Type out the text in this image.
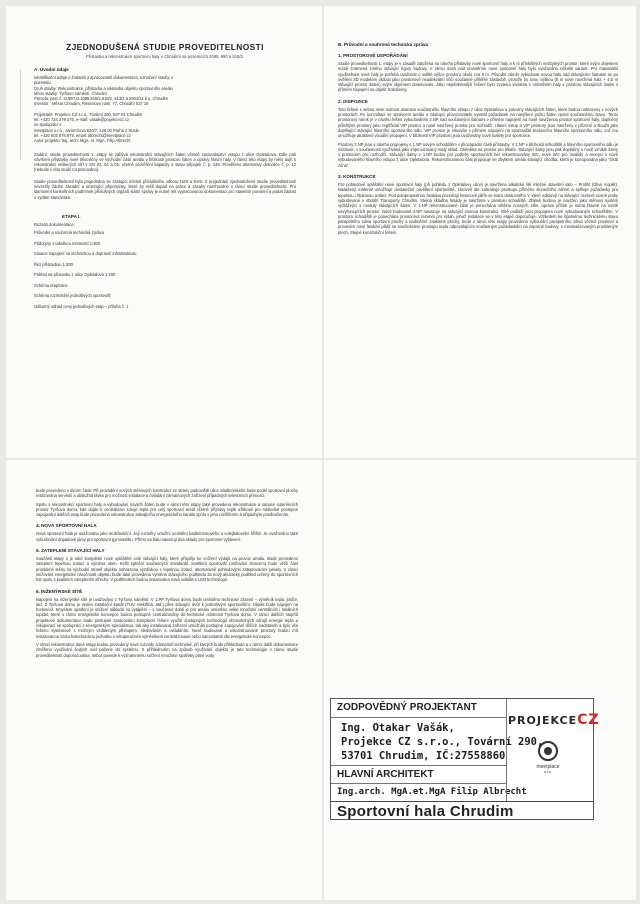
ZJEDNODUŠENÁ STUDIE PROVEDITELNOSTI
Přístavba a rekonstrukce sportovní haly v Chrudimi na pozemcích 1095, 990 a 515/2.
A. Úvodní údaje
Identifikační údaje o žadateli a zpracovateli dokumentace, označení stavby a
pozemku.
Druh stavby: Rekonstrukce, přístavba a nástavba objektu sportovního areálu
Místo stavby: Tyršovo náměstí, Chrudim
Parcela: parc.č. st.990,st.1095,515/2,518/2, 513/2 a 2004/11 k.u. Chrudim
Investor : Město Chrudim, Resselovo nam. 77, Chrudim 537 16
Projektant: Projekce CZ s.r.o., Tovární 290, 537 01 Chrudim
tel. +420 724 279 276, e-mail: vasak@projekcecz.cz
ve spolupráci s
meetplace s.r.o., Jaromírova 530/7, 128 00 Praha 2 Nusle
tel. +420 602 876 979, email: albrecht@meetplace.cz
Autor projektu: Ing. arch. MgA. et. MgA. Filip Albrecht

Zadání: studie proveditelnosti 1. etapy se zabývá rekonstrukcí stávajících šaten včetně zpravodajství vstupu z ulice Opletalova. Dále pak návrhem přístavby nové tělocvičny ve východní části areálu v blízkosti prostoru šaten a opravy hlavní haly. V rámci této etapy by mělo dojít k rekonstrukci veškerých síťí v SO 03, 04 a 05. včetně prověření kapacity a stavu přípojek č. p. 249. Prověřeno alternativy demolice č. p. 12 (nebude v této studii rozpracováno).

Studie proveditelnosti byla projednána se zástupci místně příslušného odboru HZS a KHS. Z projednání zjednodušené studie proveditelnosti nevzešly žádné zásadní a omezující připomínky, které by měli dopad na práce a zásahy navrhované v rámci studie proveditelnosti. Pro stanovení konkrétních podmínek příslušných orgánů státní správy je nutné mít vypracovanou dokumentaci pro stavební povolení a podat žádost o vydání stanoviska.

ETAPA I.
Rozsah dokumentace:
Průvodní a souhrnná technická zpráva
Půdorysy s tabulkou místností 1:300
Situace napojení na technickou a dopravní infrastrukturu
Řez přístavbou 1:200
Pohled na přístavbu z ulice Opletalova 1:200
Schéma etapizace
Schéma rozmístění jednotlivých sportovišť
Odborný odhad ceny jednotlivých etap – příloha č. 1
B. Průvodní a souhrnná technická zpráva
1. PROSTOROVÉ USPOŘÁDÁNÍ

Studie proveditelnosti 1. etapy je v zásadě založena na návrhu přístavby nové sportovní haly a k ní příslušných nezbytných prostor, které svým objemem nutně znamená změnu stávající figury budovy. V rámci úvah nad umístěním nové sportovní haly bylo uvažováno několik variant. Pro maximální využitelnost nové haly je potřeba uvažovat o světlé výšce prostoru okolo cca 8 m. Původní záměr vybudovat novou halu nad stávajícími šatnami se po ověření 3D modelem ukázal jako prostorově neadekvátní vůči současné příléhlé zástavbě, protože by svou výškou (8 m nové navržená hala + 4,5 m stávající prostor šaten) svým objemem dominovalo. Jako nejefektivnější řešení bylo zvolena varianta s umístěním haly v prostoru stávajících šaten v přímém napojení na objekt Sokolovny.

2. DISPOZICE

Toto řešení s sebou nese nutnost asanace současného hlavního vstupu z ulice Opletalova a poloviny stávajících šaten, které budou nahrazeny v nových prostorách. Po konzultaci se správcem areálu a zástupci provozovatele vyvstal požadavek na navýšení počtu šaten oproti současnému stavu. Tento prostorový nárok je v návrhu řešen vybudováním 2.NP nad současnými šatnami v přímém napojení na nově navrženou prostor sportovní haly, doplněný přilehlými prostory jako regiřčidal VIP prostor a nově navržený prostor pro rozhodčí. Hlavní vstup a VIP prostory jsou navrženy v přízemí a sloužit jako doplňující stávající hlavního sportovního sálu. VIP prostor je situován v přímém napojení na sportoviště budoucího hlavního sportovního sálu, což mu umožňuje atraktivní vizuální propojení. V blízkosti VIP prostoru jsou uvažovány nové toalety pro sportovce.

Prostory 2.NP jsou v návrhu propojeny s 1.NP novým schodištěm v jihozápadní části přístavby. V 1.NP v blízkosti schodiště a hlavního sportovního sálu je místnost, v současnosti využívaná jako improvizovaný malý sklad, změněna na prostor pro lékaře. Stávající šatny jsou pak doplněny o nově vzniklé šatny s prostorem pro rozhodčí. Stávající šatny v 1.NP budou pro potřeby sportovních her rekonstruovány WC, nové WC pro invalidy a recepci u nově vybudovaného hlavního vstupu z ulice Opletalova. Rekonstruovanou část propojuje se zbytkem areálu stávající chodba, která je koncipována jako "čistá zóna".

3. KONSTRUKCE

Pro pohledové opláštění nové sportovní haly (při pohledu z Opletalovy ulice) je navržena alkalické lité mléčné stavební sklo – Profilit (Glive Kopilit). Naakšený materiál umožňuje dostatečné osvětlení sportoviště, zároveň ale zabraňuje prostupu přímého slunečního záření a splňuje požadavky pro tepelnou i hlukovou izolaci. Pod polopropustnou fasádou prosvítají betonové pilíře ve tvaru obráceného Y, které odkazují na stávající ocelové nosné prvky vybudované v období Transporty Chrudim. Stejná skladba fasády je navržena v prostoru schodiště. Zbytek budovy je navržen jako stěnový systém vyztážející s moduly stávajících šaten. V 1.NP rekonstruované části je ponechána většina nosných stěn, úprava příček je nutná hlavně na místě nevyhovujících prostor. Nové budované 2.NP navazuje na stávající nosnou konstrukci. Obě podlaží jsou propojena nově vybudovaným schodištěm. V prostoru schodiště je ponechána prostorová rezerva pro výtah, jehož instalace se v této etapě doporučuje. Vzhledem ke špatnému technickému stavu parapetního zdiva sportovní plochy a nadměrné zaaklené plochy, bude v rámci této etapy provedeno vybourání parapetního zdiva včetně proskení a proveden nový fasádní plášť se součinitelem prostupu tepla odpovídajícím současným požadavkům na úsporné budovy, s minimalizovaným proskleným ploch. Stejné konstrukční řešení

bude provedeno v dvorní části. Při provádění nových stěnových konstrukcí ze strany parkoviště ulice Sladkovského bude podél sportovní plochy realizována servisní a obslužná lávka pro možnost instalace a ovládání zárnamových zařízení případných televizních přenosů.

Spolu s rekonstrukcí sportovní haly a vybudování nových šaten bude v rámci této etapy také provedena rekonstrukce a sanace suterénních prostor Tyršova domu, kde dojde k centralizaci zdroje tepla pro celý sportovní areál včetně přípravy teplé užitkové pro následné postupné zapojování dalších etap bude provedena rekonstrukce stávajícího energetického kanálu spolu s jeho rozšířením a připadným prodloužením.

4. NOVÁ SPORTOVNÍ HALA

Nová sportovní hala je uvažována jako multifunkční. Její rozměry umožní umístění badmintonového a volejbalového hřiště. Je uvažováno také vybudování dopadové jámy pro sportovní gymnastiku. Přímo na halu navazují dva sklady pro sportovní vybavení.

5. ZATEPLENÍ STÁVAJÍCÍ HALY

Součástí etapy 1 je také kompletní nové opláštění celé stávající haly, které přispěje ke snížení výdajů na provoz areálu. Bude provedeno zateplení tepelnou izolací a výměna oken. Kvůli splnění současných standardů osvětlení sportovišť (osiřování sluncem) bude větší část prosklené stěny na východní straně objektu nahrazena vyzdívkou s tepelnou izolací, alternativně pohledovými zateplovacími panely. V rámci snižování energetické náročnosti objektu bude také provedena výměna stávajícího podhledu za nový akustický podhled určený do sportovních hal spolu s kvalitním zateplením střechy. V podhledech budou instalována nová svítidla s LED technologii.

6. INŽENÝRSKÉ SÍTĚ

Napojení na inženýrské sítě je uvažováno z Tyršova náměstí. V 1.PP Tyršova domu bude umístěno technické zázemí – výměník tepla, jističe, atd. Z Tyršova domu je veden instalační kanál (TUV, elektřina, atd.) přes stávající dvůr k jednotlivým sportovištím. Objekt bude napojen na horkovod. Smyslem opatření je snížení nákladů na vytápění – v současné době je pro areálu umístěno velké množství centrálních i lokálních topidel, které v rámci energetické koncepce budou postupně centralizovány do technické místnosti Tyršova domu. V rámci dalších stupňů projektové dokumentace bude postupně zpracováno komplexní řešení využití dostupných technologií obnovitelných zdrojů energie tepla a rekuperací ve spolupráci s energetickým specialistou, tak aby instalovaná zařízení umožnila postupné zapojování dílčích nadstaveb a bylo vše řešeno systémově s možným vzdáleným přístupem, sledováním a ovládáním. Nově budované a rekonstruované prostory budou mít instalovanou vzduchotechnickou jednotku s rekuperačním výměníkem centralizované nebo samostatné dle energetické koncepce.

V rámci rekonstrukce dané etapy budou provedeny nové rozvody zdravotně technické, při kterých bude přihlédnuto a v rámci další dokumentace změřeno využívání šedých vod pažené do systému. S přihlédnutím na způsob využívání objektu je tato technologie v rámci studie proveditelnosti doporučována, neboť povede k významnému snížení množství spotřeby pitné vody.

ZODPOVĚDNÝ PROJEKTANT
Ing. Otakar Vašák,
Projekce CZ s.r.o., Tovární 290,
53701 Chrudim, IČ:27558860
HLAVNÍ ARCHITEKT
Ing.arch. MgA.et.MgA Filip Albrecht
Sportovní hala Chrudim
PROJEKCECZ
meetplace
s.r.o.
